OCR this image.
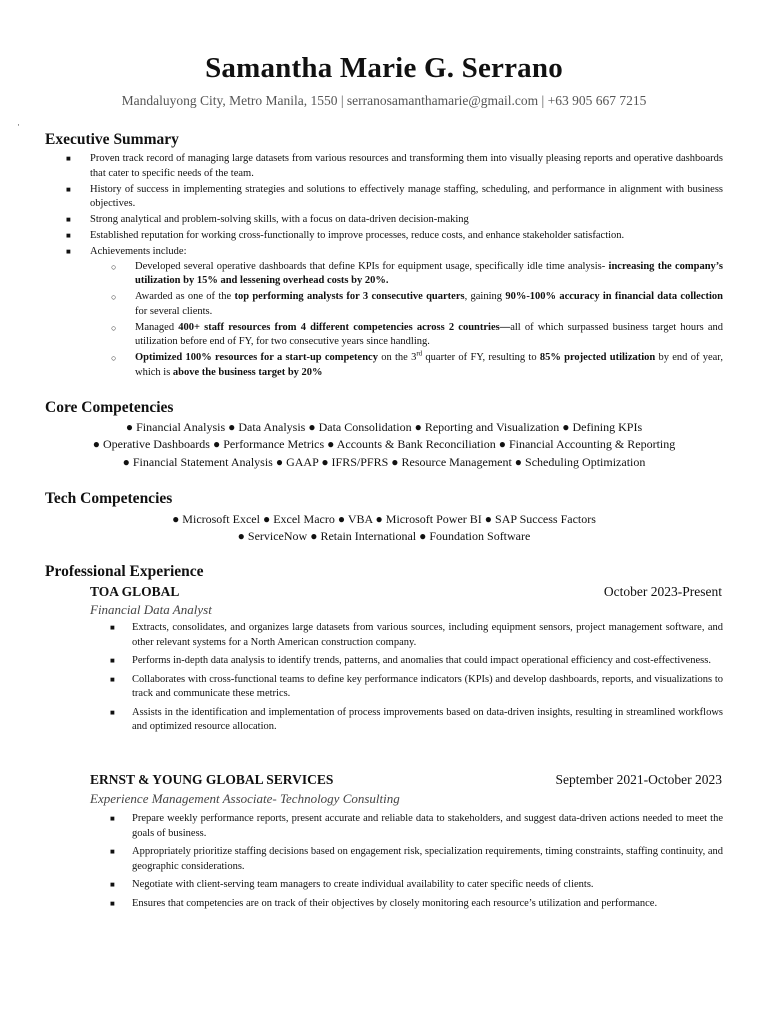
Samantha Marie G. Serrano
Mandaluyong City, Metro Manila, 1550 | serranosamanthamarie@gmail.com | +63 905 667 7215
·
Executive Summary
■ Proven track record of managing large datasets from various resources and transforming them into visually pleasing reports and operative dashboards that cater to specific needs of the team.
■ History of success in implementing strategies and solutions to effectively manage staffing, scheduling, and performance in alignment with business objectives.
■ Strong analytical and problem-solving skills, with a focus on data-driven decision-making
■ Established reputation for working cross-functionally to improve processes, reduce costs, and enhance stakeholder satisfaction.
■ Achievements include:
○ Developed several operative dashboards that define KPIs for equipment usage, specifically idle time analysis- increasing the company’s utilization by 15% and lessening overhead costs by 20%.
○ Awarded as one of the top performing analysts for 3 consecutive quarters, gaining 90%-100% accuracy in financial data collection for several clients.
○ Managed 400+ staff resources from 4 different competencies across 2 countries—all of which surpassed business target hours and utilization before end of FY, for two consecutive years since handling.
○ Optimized 100% resources for a start-up competency on the 3rd quarter of FY, resulting to 85% projected utilization by end of year, which is above the business target by 20%
Core Competencies
● Financial Analysis ● Data Analysis ● Data Consolidation ● Reporting and Visualization ● Defining KPIs
● Operative Dashboards ● Performance Metrics ● Accounts & Bank Reconciliation ● Financial Accounting & Reporting
● Financial Statement Analysis ● GAAP ● IFRS/PFRS ● Resource Management ● Scheduling Optimization
Tech Competencies
● Microsoft Excel ● Excel Macro ● VBA ● Microsoft Power BI ● SAP Success Factors
● ServiceNow ● Retain International ● Foundation Software
Professional Experience
TOA GLOBAL	October 2023-Present
Financial Data Analyst
■ Extracts, consolidates, and organizes large datasets from various sources, including equipment sensors, project management software, and other relevant systems for a North American construction company.
■ Performs in-depth data analysis to identify trends, patterns, and anomalies that could impact operational efficiency and cost-effectiveness.
■ Collaborates with cross-functional teams to define key performance indicators (KPIs) and develop dashboards, reports, and visualizations to track and communicate these metrics.
■ Assists in the identification and implementation of process improvements based on data-driven insights, resulting in streamlined workflows and optimized resource allocation.
ERNST & YOUNG GLOBAL SERVICES	September 2021-October 2023
Experience Management Associate- Technology Consulting
■ Prepare weekly performance reports, present accurate and reliable data to stakeholders, and suggest data-driven actions needed to meet the goals of business.
■ Appropriately prioritize staffing decisions based on engagement risk, specialization requirements, timing constraints, staffing continuity, and geographic considerations.
■ Negotiate with client-serving team managers to create individual availability to cater specific needs of clients.
■ Ensures that competencies are on track of their objectives by closely monitoring each resource’s utilization and performance.
